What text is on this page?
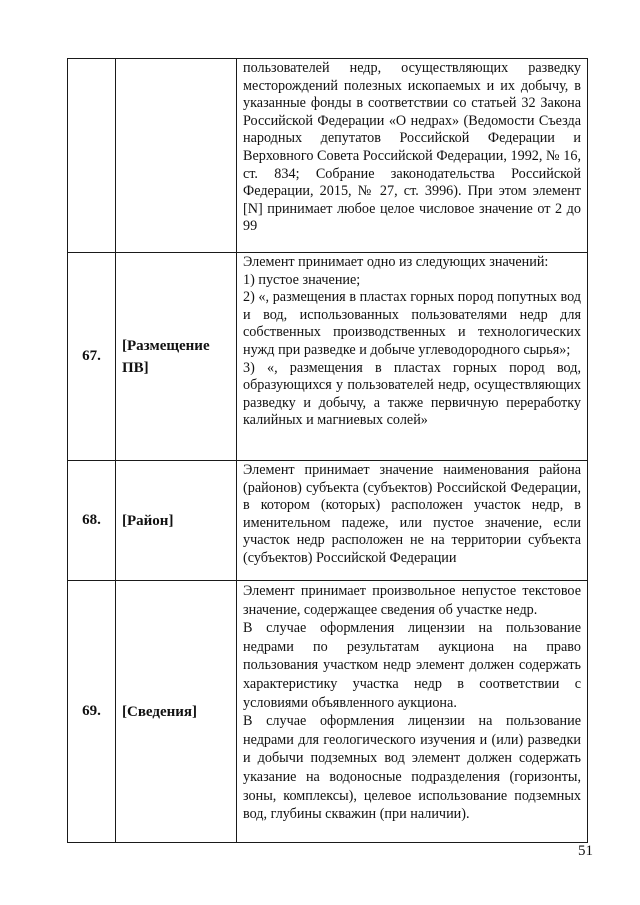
		пользователей недр, осуществляющих разведку месторождений полезных ископаемых и их добычу, в указанные фонды в соответствии со статьей 32 Закона Российской Федерации «О недрах» (Ведомости Съезда народных депутатов Российской Федерации и Верховного Совета Российской Федерации, 1992, № 16, ст. 834; Собрание законодательства Российской Федерации, 2015, № 27, ст. 3996). При этом элемент [N] принимает любое целое числовое значение от 2 до 99

67.	[Размещение ПВ]	Элемент принимает одно из следующих значений:

1) пустое значение;

2) «, размещения в пластах горных пород попутных вод и вод, использованных пользователями недр для собственных производственных и технологических нужд при разведке и добыче углеводородного сырья»;

3) «, размещения в пластах горных пород вод, образующихся у пользователей недр, осуществляющих разведку и добычу, а также первичную переработку калийных и магниевых солей»

68.	[Район]	Элемент принимает значение наименования района (районов) субъекта (субъектов) Российской Федерации, в котором (которых) расположен участок недр, в именительном падеже, или пустое значение, если участок недр расположен не на территории субъекта (субъектов) Российской Федерации

69.	[Сведения]	Элемент принимает произвольное непустое текстовое значение, содержащее сведения об участке недр.

В случае оформления лицензии на пользование недрами по результатам аукциона на право пользования участком недр элемент должен содержать характеристику участка недр в соответствии с условиями объявленного аукциона.

В случае оформления лицензии на пользование недрами для геологического изучения и (или) разведки и добычи подземных вод элемент должен содержать указание на водоносные подразделения (горизонты, зоны, комплексы), целевое использование подземных вод, глубины скважин (при наличии).

51
